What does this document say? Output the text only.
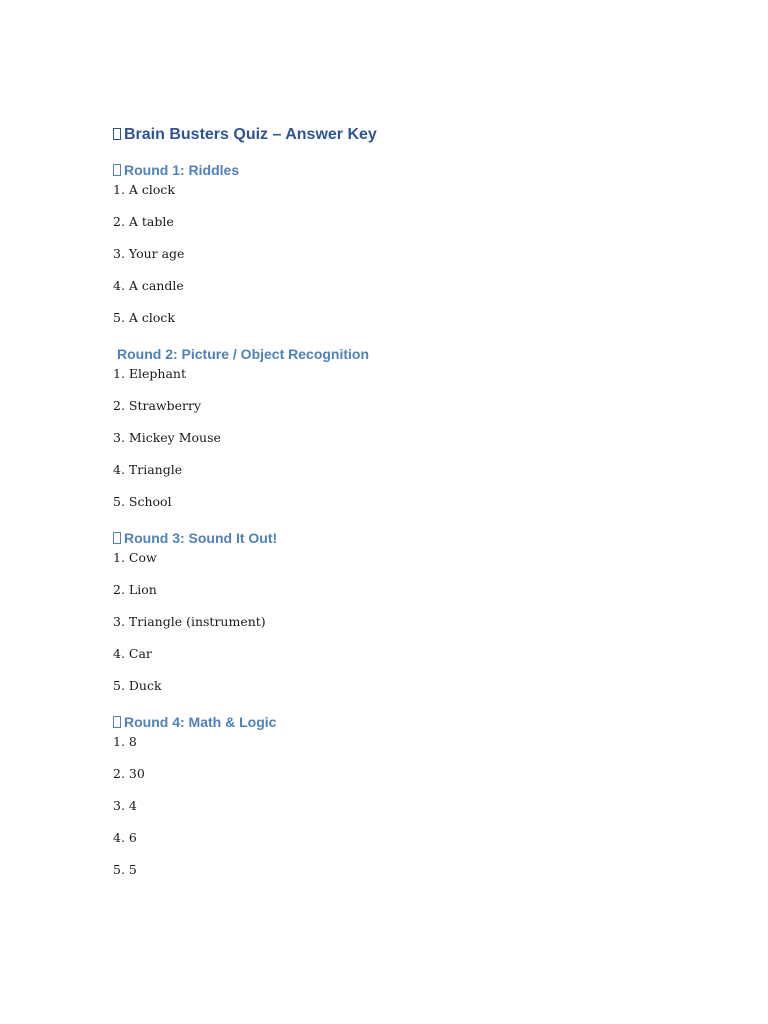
Brain Busters Quiz – Answer Key
Round 1: Riddles
1. A clock
2. A table
3. Your age
4. A candle
5. A clock
Round 2: Picture / Object Recognition
1. Elephant
2. Strawberry
3. Mickey Mouse
4. Triangle
5. School
Round 3: Sound It Out!
1. Cow
2. Lion
3. Triangle (instrument)
4. Car
5. Duck
Round 4: Math & Logic
1. 8
2. 30
3. 4
4. 6
5. 5
